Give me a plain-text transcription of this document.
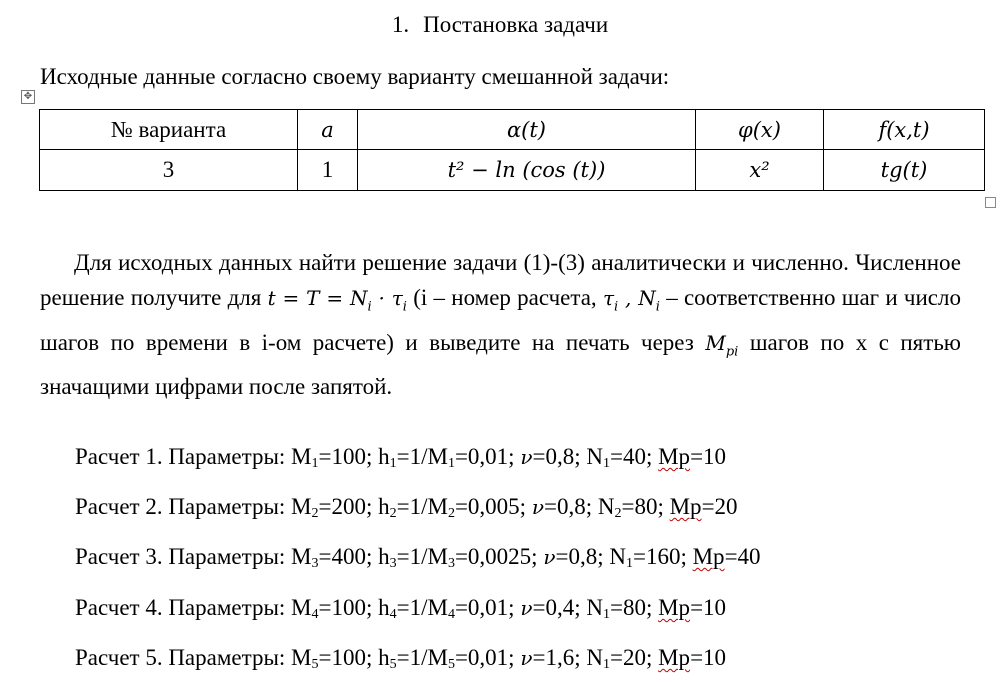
1. Постановка задачи
Исходные данные согласно своему варианту смешанной задачи:
✥
№ варианта	a	α(t)	φ(x)	f(x,t)
3	1	t² − ln (cos (t))	x²	tg(t)
Для исходных данных найти решение задачи (1)-(3) аналитически и численно. Численное решение получите для $t = T = N_i \cdot \tau_i$ (i – номер расчета, $\tau_i$ , $N_i$ – соответственно шаг и число шагов по времени в i-ом расчете) и выведите на печать через $M_{pi}$ шагов по x с пятью значащими цифрами после запятой.
Расчет 1. Параметры: $M_1=100$; $h_1=1/M_1=0,01$; ν=0,8; $N_1=40$; Mp=10
Расчет 2. Параметры: $M_2=200$; $h_2=1/M_2=0,005$; ν=0,8; $N_2=80$; Mp=20
Расчет 3. Параметры: $M_3=400$; $h_3=1/M_3=0,0025$; ν=0,8; $N_1=160$; Mp=40
Расчет 4. Параметры: $M_4=100$; $h_4=1/M_4=0,01$; ν=0,4; $N_1=80$; Mp=10
Расчет 5. Параметры: $M_5=100$; $h_5=1/M_5=0,01$; ν=1,6; $N_1=20$; Mp=10
